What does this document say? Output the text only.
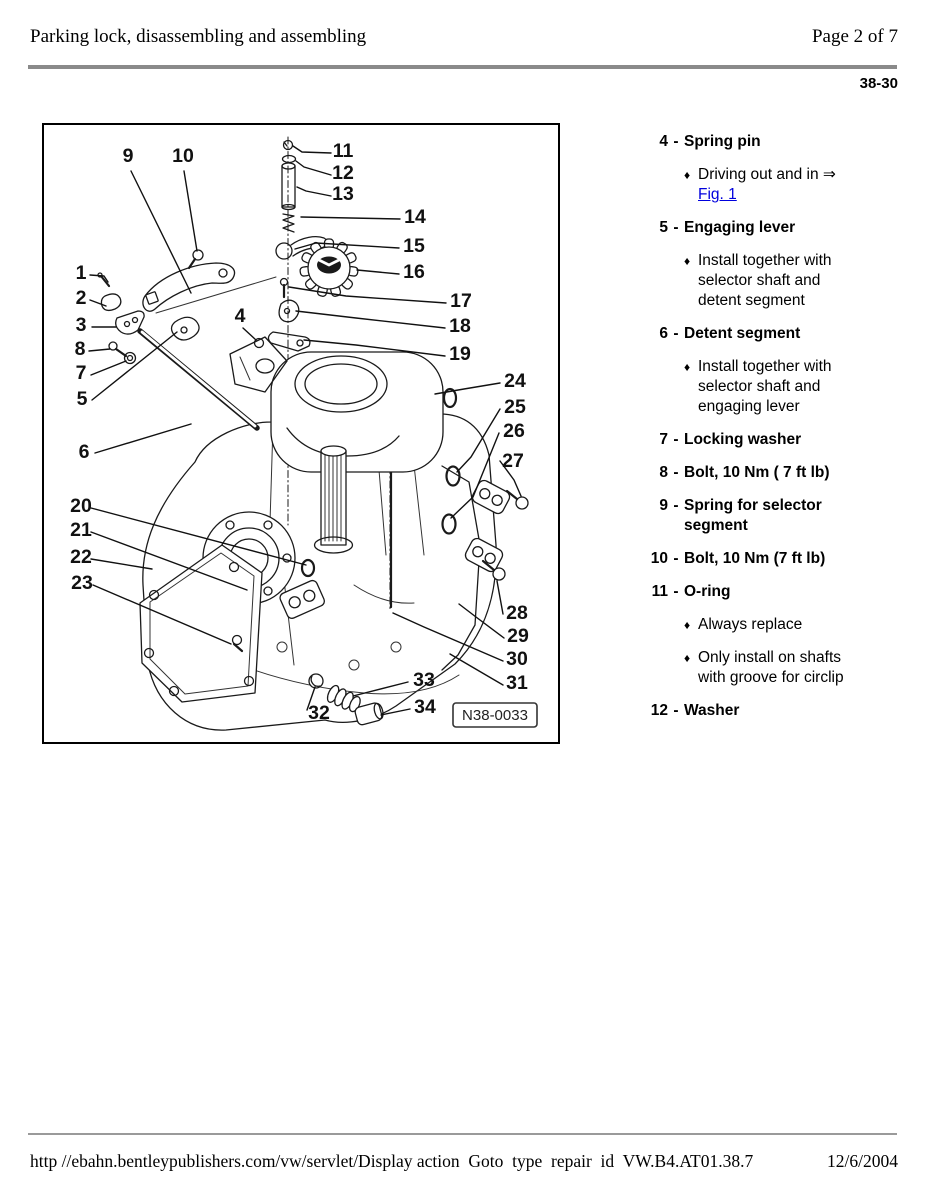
Parking lock, disassembling and assembling	Page 2 of 7
38-30
1
2
3	4
5
6
7
8
9 10	11
12
13
14
15
16
17
18
19
20
21
22
23
24
25
26
27
28
29
30
31
32
33
34 N38-0033
4 - Spring pin
♦ Driving out and in ⇒ Fig. 1
5 - Engaging lever
♦ Install together with selector shaft and detent segment
6 - Detent segment
♦ Install together with selector shaft and engaging lever
7 - Locking washer
8 - Bolt, 10 Nm ( 7 ft lb)
9 - Spring for selector segment
10 - Bolt, 10 Nm (7 ft lb)
11 - O-ring
♦ Always replace
♦ Only install on shafts with groove for circlip
12 - Washer
http //ebahn.bentleypublishers.com/vw/servlet/Display action  Goto  type  repair  id  VW.B4.AT01.38.7	12/6/2004
